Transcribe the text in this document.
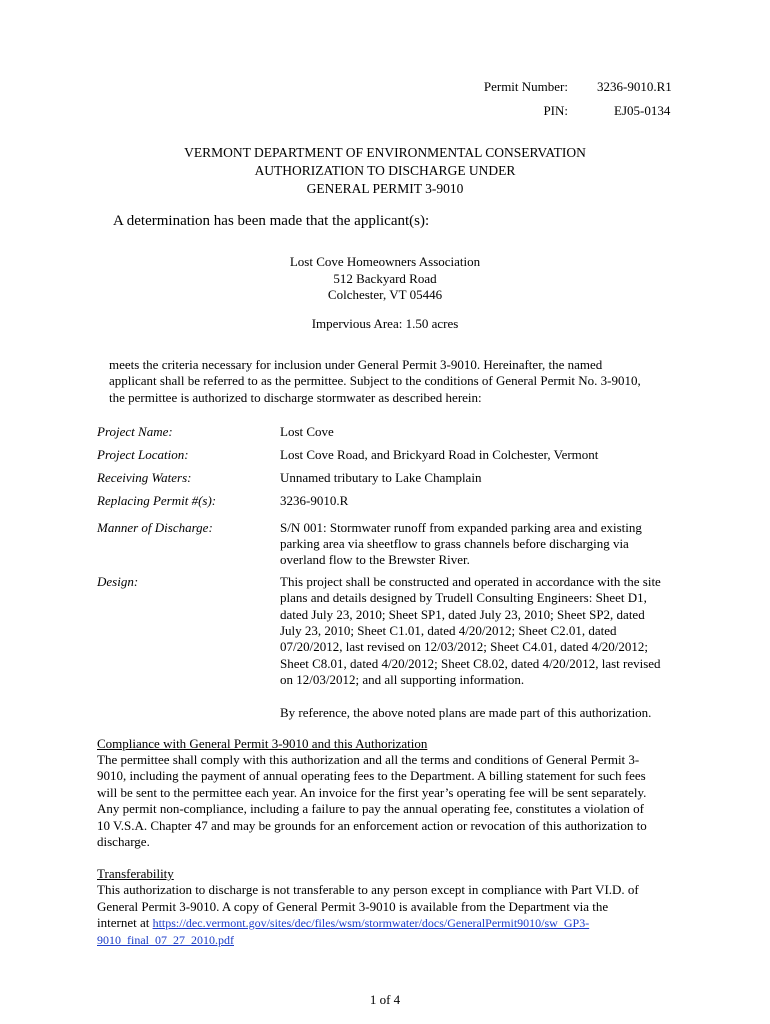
Permit Number: 3236-9010.R1
PIN:	EJ05-0134
VERMONT DEPARTMENT OF ENVIRONMENTAL CONSERVATION
AUTHORIZATION TO DISCHARGE UNDER
GENERAL PERMIT 3-9010
A determination has been made that the applicant(s):
Lost Cove Homeowners Association
512 Backyard Road
Colchester, VT 05446
Impervious Area: 1.50 acres
meets the criteria necessary for inclusion under General Permit 3-9010. Hereinafter, the named
applicant shall be referred to as the permittee. Subject to the conditions of General Permit No. 3-9010,
the permittee is authorized to discharge stormwater as described herein:
Project Name:	Lost Cove
Project Location:	Lost Cove Road, and Brickyard Road in Colchester, Vermont
Receiving Waters:	Unnamed tributary to Lake Champlain
Replacing Permit #(s):	3236-9010.R
Manner of Discharge:	S/N 001: Stormwater runoff from expanded parking area and existing
parking area via sheetflow to grass channels before discharging via
overland flow to the Brewster River.
Design:	This project shall be constructed and operated in accordance with the site
plans and details designed by Trudell Consulting Engineers: Sheet D1,
dated July 23, 2010; Sheet SP1, dated July 23, 2010; Sheet SP2, dated
July 23, 2010; Sheet C1.01, dated 4/20/2012; Sheet C2.01, dated
07/20/2012, last revised on 12/03/2012; Sheet C4.01, dated 4/20/2012;
Sheet C8.01, dated 4/20/2012; Sheet C8.02, dated 4/20/2012, last revised
on 12/03/2012; and all supporting information.
By reference, the above noted plans are made part of this authorization.
Compliance with General Permit 3-9010 and this Authorization
The permittee shall comply with this authorization and all the terms and conditions of General Permit 3-
9010, including the payment of annual operating fees to the Department. A billing statement for such fees
will be sent to the permittee each year. An invoice for the first year’s operating fee will be sent separately.
Any permit non-compliance, including a failure to pay the annual operating fee, constitutes a violation of
10 V.S.A. Chapter 47 and may be grounds for an enforcement action or revocation of this authorization to
discharge.
Transferability
This authorization to discharge is not transferable to any person except in compliance with Part VI.D. of
General Permit 3-9010. A copy of General Permit 3-9010 is available from the Department via the
internet at https://dec.vermont.gov/sites/dec/files/wsm/stormwater/docs/GeneralPermit9010/sw_GP3-
9010_final_07_27_2010.pdf
1 of 4
